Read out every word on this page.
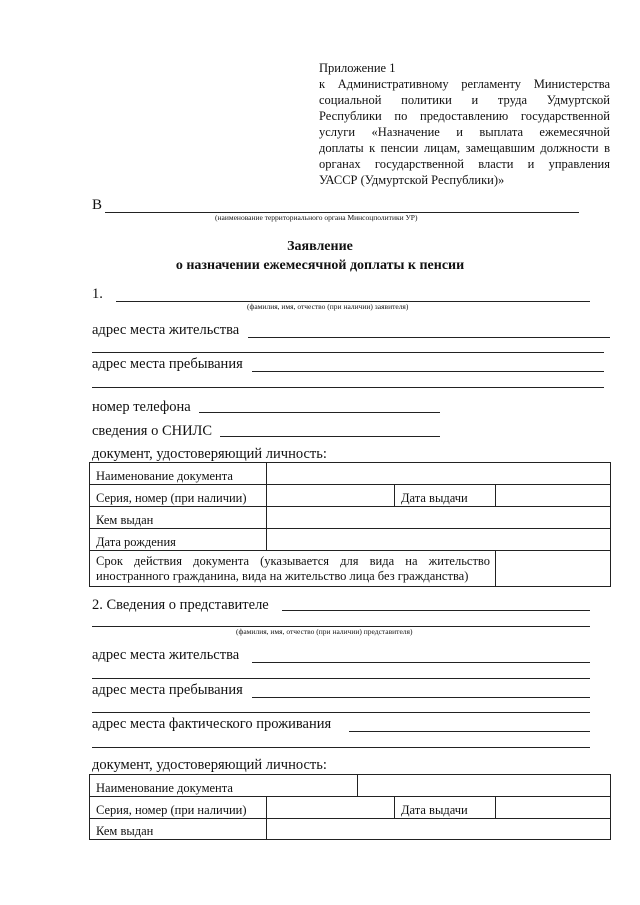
Приложение 1
к Административному регламенту Министерства
социальной политики и труда Удмуртской
Республики по предоставлению государственной
услуги «Назначение и выплата ежемесячной
доплаты к пенсии лицам, замещавшим должности в
органах государственной власти и управления
УАССР (Удмуртской Республики)»
В
(наименование территориального органа Минсоцполитики УР)
Заявление
о назначении ежемесячной доплаты к пенсии
1.
(фамилия, имя, отчество (при наличии) заявителя)
адрес места жительства
адрес места пребывания
номер телефона
сведения о СНИЛС
документ, удостоверяющий личность:
Наименование документа			
Серия, номер (при наличии)		Дата выдачи	
Кем выдан			
Дата рождения			

Срок действия документа (указывается для вида на жительство
иностранного гражданина, вида на жительство лица без гражданства)			

2. Сведения о представителе
(фамилия, имя, отчество (при наличии) представителя)
адрес места жительства
адрес места пребывания
адрес места фактического проживания
документ, удостоверяющий личность:
Наименование документа				
Серия, номер (при наличии)			Дата выдачи	
Кем выдан				
